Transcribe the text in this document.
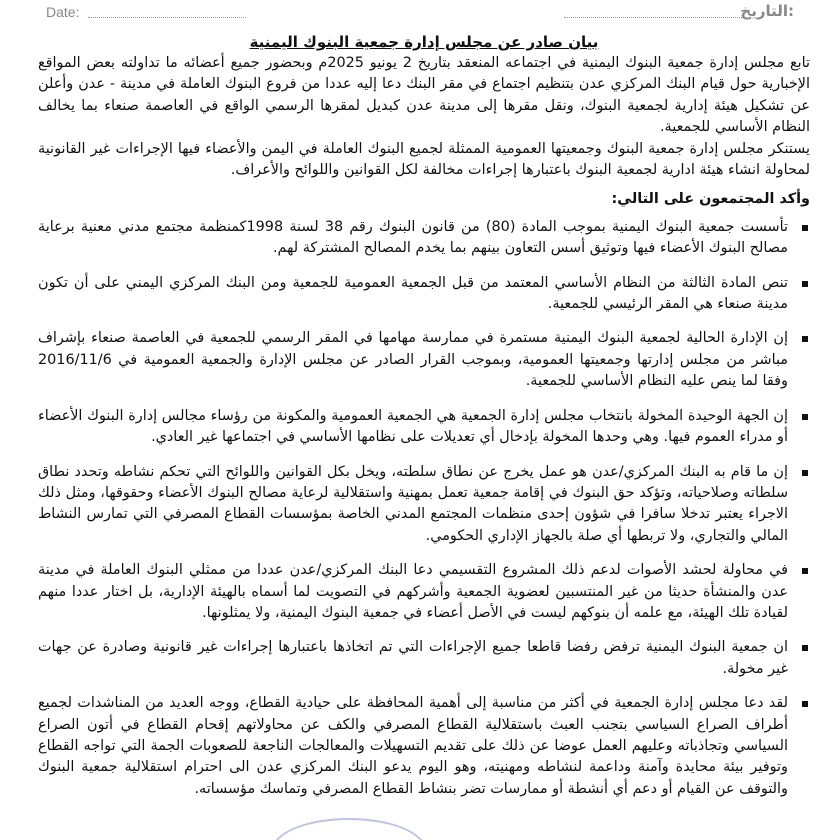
Date:	التاريخ:
بيان صادر عن مجلس إدارة جمعية البنوك اليمنية

تابع مجلس إدارة جمعية البنوك اليمنية في اجتماعه المنعقد بتاريخ 2 يونيو 2025م وبحضور جميع أعضائه ما تداولته بعض المواقع الإخبارية حول قيام البنك المركزي عدن بتنظيم اجتماع في مقر البنك دعا إليه عددا من فروع البنوك العاملة في مدينة - عدن وأعلن عن تشكيل هيئة إدارية لجمعية البنوك، ونقل مقرها إلى مدينة عدن كبديل لمقرها الرسمي الواقع في العاصمة صنعاء بما يخالف النظام الأساسي للجمعية.

يستنكر مجلس إدارة جمعية البنوك وجمعيتها العمومية الممثلة لجميع البنوك العاملة في اليمن والأعضاء فيها الإجراءات غير القانونية لمحاولة انشاء هيئة ادارية لجمعية البنوك باعتبارها إجراءات مخالفة لكل القوانين واللوائح والأعراف.

وأكد المجتمعون على التالي:
تأسست جمعية البنوك اليمنية بموجب المادة (80) من قانون البنوك رقم 38 لسنة 1998كمنظمة مجتمع مدني معنية برعاية مصالح البنوك الأعضاء فيها وتوثيق أسس التعاون بينهم بما يخدم المصالح المشتركة لهم.
تنص المادة الثالثة من النظام الأساسي المعتمد من قبل الجمعية العمومية للجمعية ومن البنك المركزي اليمني على أن تكون مدينة صنعاء هي المقر الرئيسي للجمعية.
إن الإدارة الحالية لجمعية البنوك اليمنية مستمرة في ممارسة مهامها في المقر الرسمي للجمعية في العاصمة صنعاء بإشراف مباشر من مجلس إدارتها وجمعيتها العمومية، وبموجب القرار الصادر عن مجلس الإدارة والجمعية العمومية في 2016/11/6 وفقا لما ينص عليه النظام الأساسي للجمعية.
إن الجهة الوحيدة المخولة بانتخاب مجلس إدارة الجمعية هي الجمعية العمومية والمكونة من رؤساء مجالس إدارة البنوك الأعضاء أو مدراء العموم فيها. وهي وحدها المخولة بإدخال أي تعديلات على نظامها الأساسي في اجتماعها غير العادي.
إن ما قام به البنك المركزي/عدن هو عمل يخرج عن نطاق سلطته، ويخل بكل القوانين واللوائح التي تحكم نشاطه وتحدد نطاق سلطاته وصلاحياته، وتؤكد حق البنوك في إقامة جمعية تعمل بمهنية واستقلالية لرعاية مصالح البنوك الأعضاء وحقوقها، ومثل ذلك الاجراء يعتبر تدخلا سافرا في شؤون إحدى منظمات المجتمع المدني الخاصة بمؤسسات القطاع المصرفي التي تمارس النشاط المالي والتجاري، ولا تربطها أي صلة بالجهاز الإداري الحكومي.
في محاولة لحشد الأصوات لدعم ذلك المشروع التقسيمي دعا البنك المركزي/عدن عددا من ممثلي البنوك العاملة في مدينة عدن والمنشأة حديثا من غير المنتسبين لعضوية الجمعية وأشركهم في التصويت لما أسماه بالهيئة الإدارية، بل اختار عددا منهم لقيادة تلك الهيئة، مع علمه أن بنوكهم ليست في الأصل أعضاء في جمعية البنوك اليمنية، ولا يمثلونها.
ان جمعية البنوك اليمنية ترفض رفضا قاطعا جميع الإجراءات التي تم اتخاذها باعتبارها إجراءات غير قانونية وصادرة عن جهات غير مخولة.
لقد دعا مجلس إدارة الجمعية في أكثر من مناسبة إلى أهمية المحافظة على حيادية القطاع، ووجه العديد من المناشدات لجميع أطراف الصراع السياسي بتجنب العبث باستقلالية القطاع المصرفي والكف عن محاولاتهم إقحام القطاع في أتون الصراع السياسي وتجاذباته وعليهم العمل عوضا عن ذلك على تقديم التسهيلات والمعالجات الناجعة للصعوبات الجمة التي تواجه القطاع وتوفير بيئة محايدة وآمنة وداعمة لنشاطه ومهنيته، وهو اليوم يدعو البنك المركزي عدن الى احترام استقلالية جمعية البنوك والتوقف عن القيام أو دعم أي أنشطة أو ممارسات تضر بنشاط القطاع المصرفي وتماسك مؤسساته.
